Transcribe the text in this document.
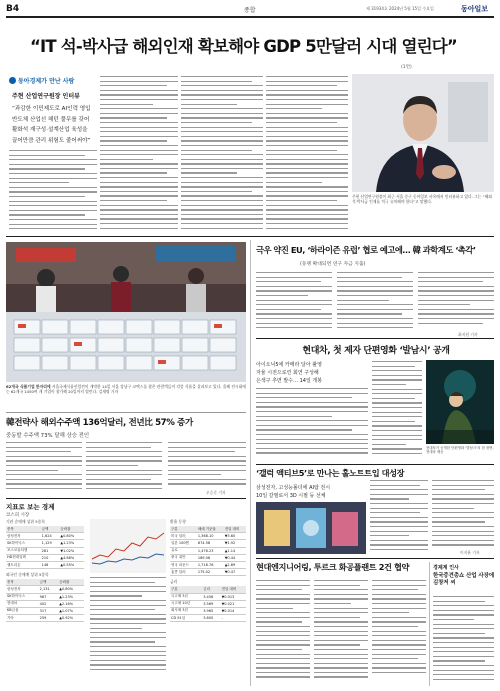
B4	종합	제 31934호 2024년 5월 15일 수요일	동아일보
“IT 석-박사급 해외인재 확보해야 GDP 5만달러 시대 열린다”
(1면)
동아경제가 만난 사람
주현 산업연구원장 인터뷰
“과감한 이민제도로 AI인력 영입
반도체 산업선 해턴 풀무를 갖어
활화석 재구성·설계산업 육성을
끌어만큼 관리 위험도 줄어써야”
주현 산업연구원장이 최근 서울 중구 동아일보 사옥에서 인터뷰하고 있다. 그는 “해외 석·박사급 인재를 적극 유치해야 한다”고 말했다.
62개국 식품기업 한자리에 서울국제식품산업전이 개막한 14일 서울 강남구 코엑스를 찾은 관람객들이 각종 식품을 살펴보고 있다. 올해 전시회에는 62개국 1450여 개 기업이 참가해 20일까지 열린다. 김재명 기자
韓전략사 해외수주액 136억달러, 전년比 57% 증가
중동발 수주액 73% 달해 상승 전인
오승준 기자
지표로 보는 경제
코스피 시장
기관 순매매 상위 5종목
종목	금액	등락률
삼성전자	1,624	▲0.80%
SK하이닉스	1,129	▲1.23%
포스코퓨처엠	281	▼1.02%
HD현대일렉	210	▲4.68%
셀트리온	148	▲0.55%
외국인 순매매 상위 5종목
종목	금액	등락률
삼성전자	2,131	▲0.80%
SK하이닉스	987	▲1.23%
현대차	402	▲2.16%
KB금융	317	▲1.07%
기아	259	▲0.92%
환율 동향
구분	매매 기준율	전일 대비
미국 달러	1,368.10	▼3.60
일본 100엔	874.58	▼1.92
유로	1,476.23	▲1.14
중국 위안	189.06	▼0.44
영국 파운드	1,718.76	▲2.89
홍콩 달러	175.02	▼0.47
금리
구분	금리	전일 대비
국고채 3년	3.456	▼0.013
국고채 10년	3.569	▼0.021
회사채 3년	3.965	▼0.014
CD 91일	3.600	-
극우 약진 EU, ‘하라이즌 유럽’ 협로 예고에… 韓 과학계도 ‘촉각’
(동맹 확대되면 연구 자금 지출)
최지원 기자
현대차, 첫 제자 단편영화 ‘발남시’ 공개
아이오닉5에 카메라 달아 촬영
자율 시전으로린 회연 구성해
은색구 추면 발수… 14일 개봉
현대차가 공개한 단편영화 ‘발남시’의 한 장면. 현대차 제공
‘갤럭 액티브5’로 만나는 홀노트트입 대성장
삼성전자, 고성능폴더에 AI탑 전시
10일 갈필로서 3D 시필 등 선체
이지윤 기자
현대엔지니어링, 투르크 화공플랜트 2건 협약	경제계 인사
한국중견총쇼 산업 사장에 김창저 씨
